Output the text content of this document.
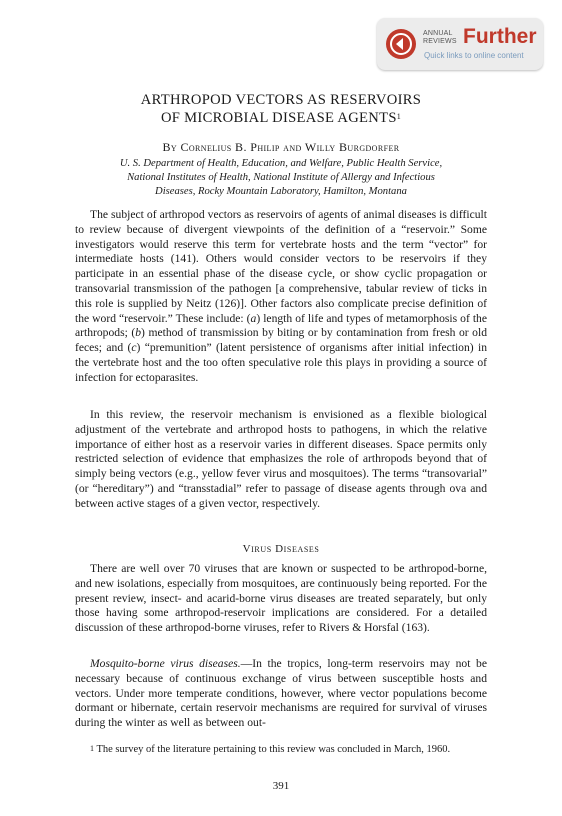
ANNUAL
REVIEWS Further
Quick links to online content
ARTHROPOD VECTORS AS RESERVOIRS
OF MICROBIAL DISEASE AGENTS$^1$
By Cornelius B. Philip and Willy Burgdorfer
U. S. Department of Health, Education, and Welfare, Public Health Service,
National Institutes of Health, National Institute of Allergy and Infectious
Diseases, Rocky Mountain Laboratory, Hamilton, Montana

The subject of arthropod vectors as reservoirs of agents of animal diseases is difficult to review because of divergent viewpoints of the definition of a “reservoir.” Some investigators would reserve this term for vertebrate hosts and the term “vector” for intermediate hosts (141). Others would consider vectors to be reservoirs if they participate in an essential phase of the disease cycle, or show cyclic propagation or transovarial transmission of the pathogen [a comprehensive, tabular review of ticks in this role is supplied by Neitz (126)]. Other factors also complicate precise definition of the word “reservoir.” These include: (a) length of life and types of metamorphosis of the arthropods; (b) method of transmission by biting or by contamination from fresh or old feces; and (c) “premunition” (latent persistence of organisms after initial infection) in the vertebrate host and the too often speculative role this plays in providing a source of infection for ectoparasites.

In this review, the reservoir mechanism is envisioned as a flexible biological adjustment of the vertebrate and arthropod hosts to pathogens, in which the relative importance of either host as a reservoir varies in different diseases. Space permits only restricted selection of evidence that emphasizes the role of arthropods beyond that of simply being vectors (e.g., yellow fever virus and mosquitoes). The terms “transovarial” (or “hereditary”) and “transstadial” refer to passage of disease agents through ova and between active stages of a given vector, respectively.

Virus Diseases

There are well over 70 viruses that are known or suspected to be arthropod-borne, and new isolations, especially from mosquitoes, are continuously being reported. For the present review, insect- and acarid-borne virus diseases are treated separately, but only those having some arthropod-reservoir implications are considered. For a detailed discussion of these arthropod-borne viruses, refer to Rivers & Horsfal (163).

Mosquito-borne virus diseases.—In the tropics, long-term reservoirs may not be necessary because of continuous exchange of virus between susceptible hosts and vectors. Under more temperate conditions, however, where vector populations become dormant or hibernate, certain reservoir mechanisms are required for survival of viruses during the winter as well as between out-

$^1$ The survey of the literature pertaining to this review was concluded in March, 1960.
391
